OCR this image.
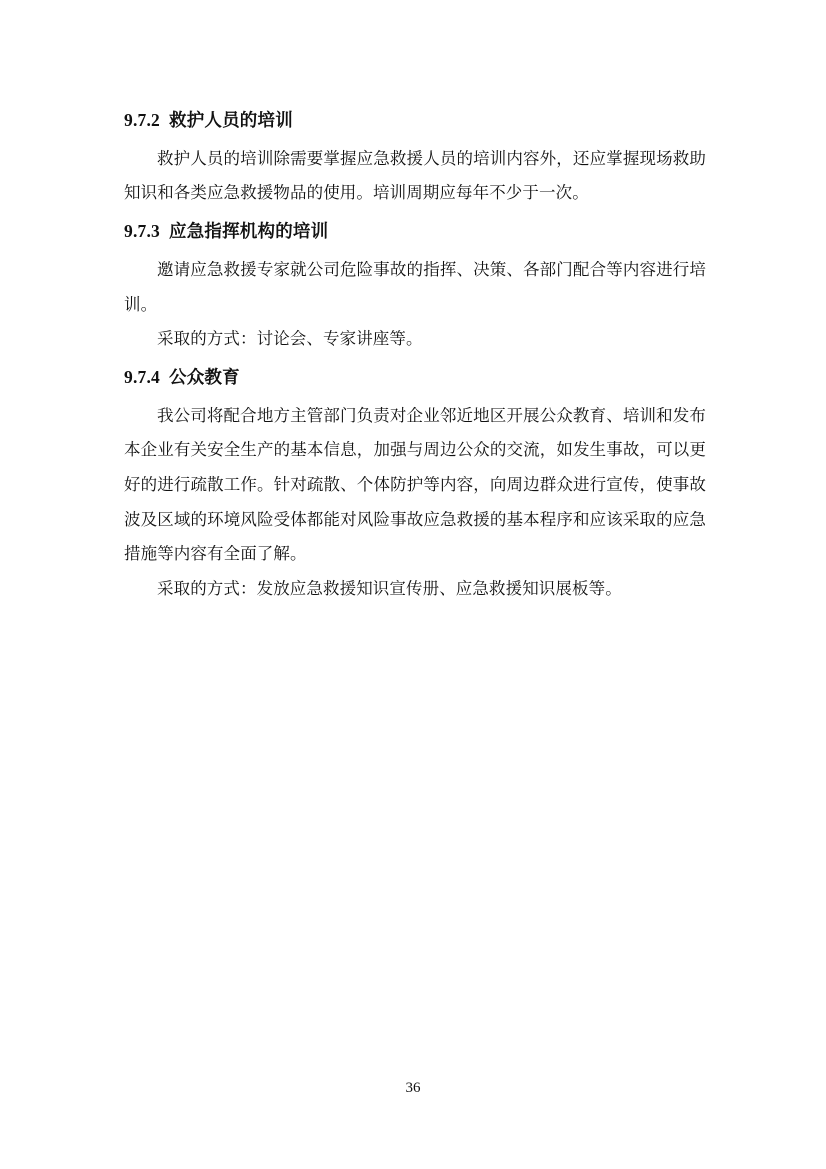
9.7.2 救护人员的培训

救护人员的培训除需要掌握应急救援人员的培训内容外，还应掌握现场救助知识和各类应急救援物品的使用。培训周期应每年不少于一次。

9.7.3 应急指挥机构的培训

邀请应急救援专家就公司危险事故的指挥、决策、各部门配合等内容进行培训。

采取的方式：讨论会、专家讲座等。

9.7.4 公众教育

我公司将配合地方主管部门负责对企业邻近地区开展公众教育、培训和发布本企业有关安全生产的基本信息，加强与周边公众的交流，如发生事故，可以更好的进行疏散工作。针对疏散、个体防护等内容，向周边群众进行宣传，使事故波及区域的环境风险受体都能对风险事故应急救援的基本程序和应该采取的应急措施等内容有全面了解。

采取的方式：发放应急救援知识宣传册、应急救援知识展板等。

36
